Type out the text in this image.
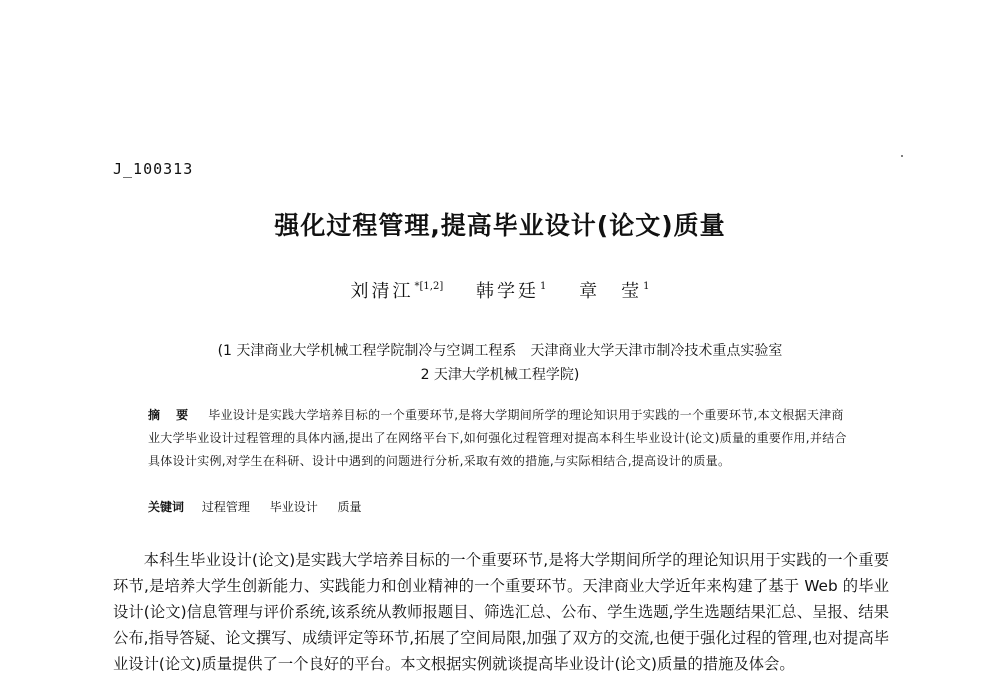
J_100313
强化过程管理,提高毕业设计(论文)质量
刘清江$^{*[1,2]}$ 韩学廷$^1$ 章　莹$^1$
(1 天津商业大学机械工程学院制冷与空调工程系　天津商业大学天津市制冷技术重点实验室
2 天津大学机械工程学院)
摘 要 毕业设计是实践大学培养目标的一个重要环节,是将大学期间所学的理论知识用于实践的一个重要环节,本文根据天津商业大学毕业设计过程管理的具体内涵,提出了在网络平台下,如何强化过程管理对提高本科生毕业设计(论文)质量的重要作用,并结合具体设计实例,对学生在科研、设计中遇到的问题进行分析,采取有效的措施,与实际相结合,提高设计的质量。
关键词 过程管理 毕业设计 质量
本科生毕业设计(论文)是实践大学培养目标的一个重要环节,是将大学期间所学的理论知识用于实践的一个重要环节,是培养大学生创新能力、实践能力和创业精神的一个重要环节。天津商业大学近年来构建了基于 Web 的毕业设计(论文)信息管理与评价系统,该系统从教师报题目、筛选汇总、公布、学生选题,学生选题结果汇总、呈报、结果公布,指导答疑、论文撰写、成绩评定等环节,拓展了空间局限,加强了双方的交流,也便于强化过程的管理,也对提高毕业设计(论文)质量提供了一个良好的平台。本文根据实例就谈提高毕业设计(论文)质量的措施及体会。
